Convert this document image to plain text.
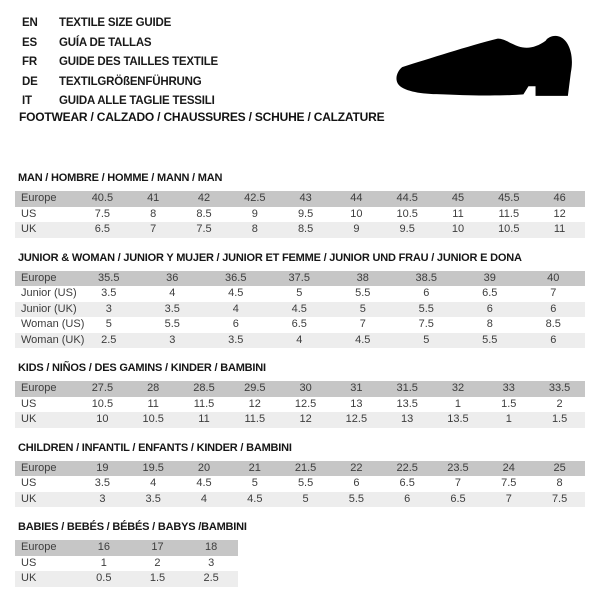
EN TEXTILE SIZE GUIDE
ES GUÍA DE TALLAS
FR GUIDE DES TAILLES TEXTILE
DE TEXTILGRÖßENFÜHRUNG
IT GUIDA ALLE TAGLIE TESSILI
FOOTWEAR / CALZADO / CHAUSSURES / SCHUHE / CALZATURE
MAN / HOMBRE / HOMME / MANN / MAN
Europe	40.5	41	42	42.5	43	44	44.5	45	45.5	46
US	7.5	8	8.5	9	9.5	10	10.5	11	11.5	12
UK	6.5	7	7.5	8	8.5	9	9.5	10	10.5	11
JUNIOR & WOMAN / JUNIOR Y MUJER / JUNIOR ET FEMME / JUNIOR UND FRAU / JUNIOR E DONA
Europe	35.5	36	36.5	37.5	38	38.5	39	40
Junior (US)	3.5	4	4.5	5	5.5	6	6.5	7
Junior (UK)	3	3.5	4	4.5	5	5.5	6	6
Woman (US)	5	5.5	6	6.5	7	7.5	8	8.5
Woman (UK)	2.5	3	3.5	4	4.5	5	5.5	6
KIDS / NIÑOS / DES GAMINS / KINDER / BAMBINI
Europe	27.5	28	28.5	29.5	30	31	31.5	32	33	33.5
US	10.5	11	11.5	12	12.5	13	13.5	1	1.5	2
UK	10	10.5	11	11.5	12	12.5	13	13.5	1	1.5
CHILDREN / INFANTIL / ENFANTS / KINDER / BAMBINI
Europe	19	19.5	20	21	21.5	22	22.5	23.5	24	25
US	3.5	4	4.5	5	5.5	6	6.5	7	7.5	8
UK	3	3.5	4	4.5	5	5.5	6	6.5	7	7.5
BABIES / BEBÉS / BÉBÉS / BABYS /BAMBINI
Europe	16	17	18
US	1	2	3
UK	0.5	1.5	2.5
